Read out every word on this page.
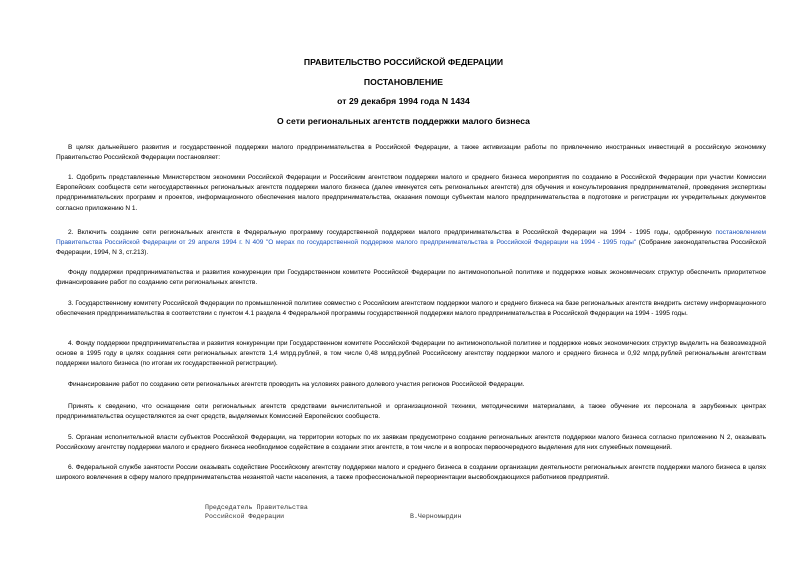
ПРАВИТЕЛЬСТВО РОССИЙСКОЙ ФЕДЕРАЦИИ
ПОСТАНОВЛЕНИЕ
от 29 декабря 1994 года N 1434
О сети региональных агентств поддержки малого бизнеса

В целях дальнейшего развития и государственной поддержки малого предпринимательства в Российской Федерации, а также активизации работы по привлечению иностранных инвестиций в российскую экономику Правительство Российской Федерации постановляет:

1. Одобрить представленные Министерством экономики Российской Федерации и Российским агентством поддержки малого и среднего бизнеса мероприятия по созданию в Российской Федерации при участии Комиссии Европейских сообществ сети негосударственных региональных агентств поддержки малого бизнеса (далее именуется сеть региональных агентств) для обучения и консультирования предпринимателей, проведения экспертизы предпринимательских программ и проектов, информационного обеспечения малого предпринимательства, оказания помощи субъектам малого предпринимательства в подготовке и регистрации их учредительных документов согласно приложению N 1.

2. Включить создание сети региональных агентств в Федеральную программу государственной поддержки малого предпринимательства в Российской Федерации на 1994 - 1995 годы, одобренную постановлением Правительства Российской Федерации от 29 апреля 1994 г. N 409 "О мерах по государственной поддержке малого предпринимательства в Российской Федерации на 1994 - 1995 годы" (Собрание законодательства Российской Федерации, 1994, N 3, ст.213).

Фонду поддержки предпринимательства и развития конкуренции при Государственном комитете Российской Федерации по антимонопольной политике и поддержке новых экономических структур обеспечить приоритетное финансирование работ по созданию сети региональных агентств.

3. Государственному комитету Российской Федерации по промышленной политике совместно с Российским агентством поддержки малого и среднего бизнеса на базе региональных агентств внедрить систему информационного обеспечения предпринимательства в соответствии с пунктом 4.1 раздела 4 Федеральной программы государственной поддержки малого предпринимательства в Российской Федерации на 1994 - 1995 годы.

4. Фонду поддержки предпринимательства и развития конкуренции при Государственном комитете Российской Федерации по антимонопольной политике и поддержке новых экономических структур выделить на безвозмездной основе в 1995 году в целях создания сети региональных агентств 1,4 млрд.рублей, в том числе 0,48 млрд.рублей Российскому агентству поддержки малого и среднего бизнеса и 0,92 млрд.рублей региональным агентствам поддержки малого бизнеса (по итогам их государственной регистрации).

Финансирование работ по созданию сети региональных агентств проводить на условиях равного долевого участия регионов Российской Федерации.

Принять к сведению, что оснащение сети региональных агентств средствами вычислительной и организационной техники, методическими материалами, а также обучение их персонала в зарубежных центрах предпринимательства осуществляются за счет средств, выделяемых Комиссией Европейских сообществ.

5. Органам исполнительной власти субъектов Российской Федерации, на территории которых по их заявкам предусмотрено создание региональных агентств поддержки малого бизнеса согласно приложению N 2, оказывать Российскому агентству поддержки малого и среднего бизнеса необходимое содействие в создании этих агентств, в том числе и в вопросах первоочередного выделения для них служебных помещений.

6. Федеральной службе занятости России оказывать содействие Российскому агентству поддержки малого и среднего бизнеса в создании организации деятельности региональных агентств поддержки малого бизнеса в целях широкого вовлечения в сферу малого предпринимательства незанятой части населения, а также профессиональной переориентации высвобождающихся работников предприятий.

Председатель Правительства
Российской Федерации	В.Черномырдин
